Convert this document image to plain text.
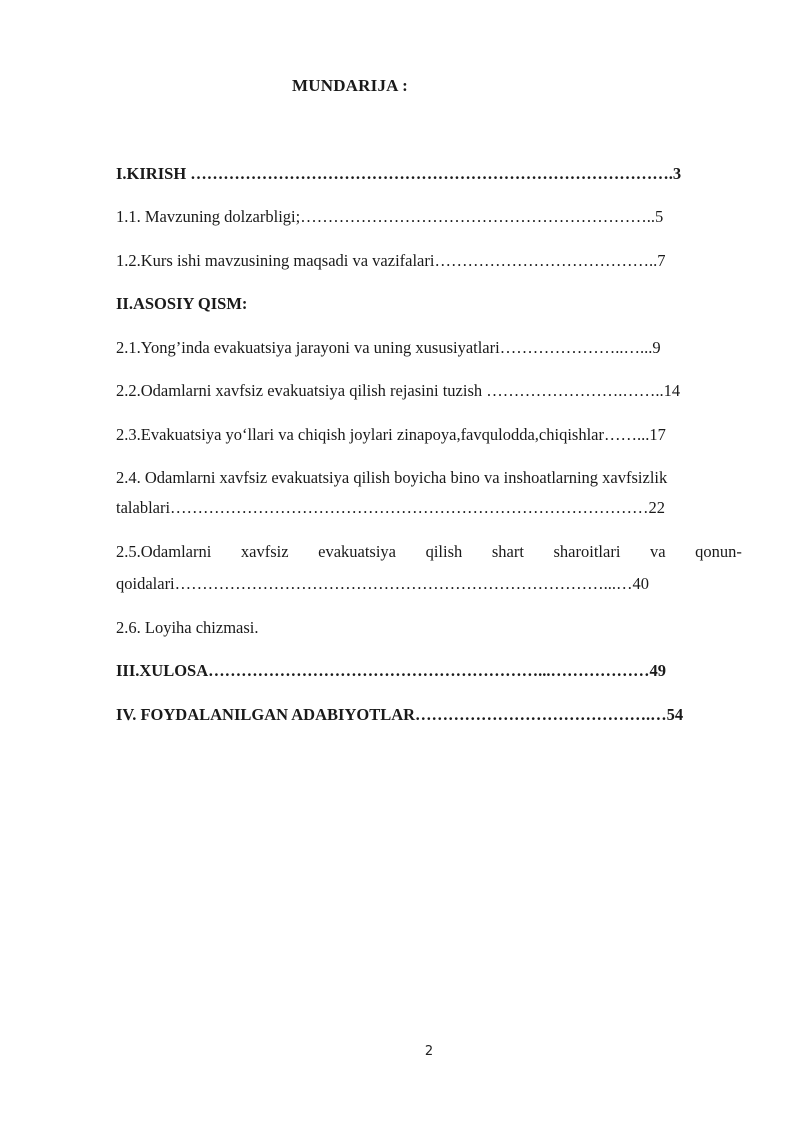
MUNDARIJA :
I.KIRISH …………………………………………………………………………….3
1.1. Mavzuning dolzarbligi;………………………………………………………..5
1.2.Kurs ishi mavzusining maqsadi va vazifalari…………………………………..7
II.ASOSIY QISM:
2.1.Yong’inda evakuatsiya jarayoni va uning xususiyatlari…………………..…...9
2.2.Odamlarni xavfsiz evakuatsiya qilish rejasini tuzish …………………….……..14
2.3.Evakuatsiya yo‘llari va chiqish joylari zinapoya,favqulodda,chiqishlar……...17
2.4. Odamlarni xavfsiz evakuatsiya qilish boyicha bino va inshoatlarning xavfsizlik
talablari……………………………………………………………………………22
2.5.Odamlarni xavfsiz evakuatsiya qilish shart sharoitlari va qonun-
qoidalari……………………………………………………………………...…40
2.6. Loyiha chizmasi.
III.XULOSA……………………………………………………...………………49
IV. FOYDALANILGAN ADABIYOTLAR…………………………………….…54
2
